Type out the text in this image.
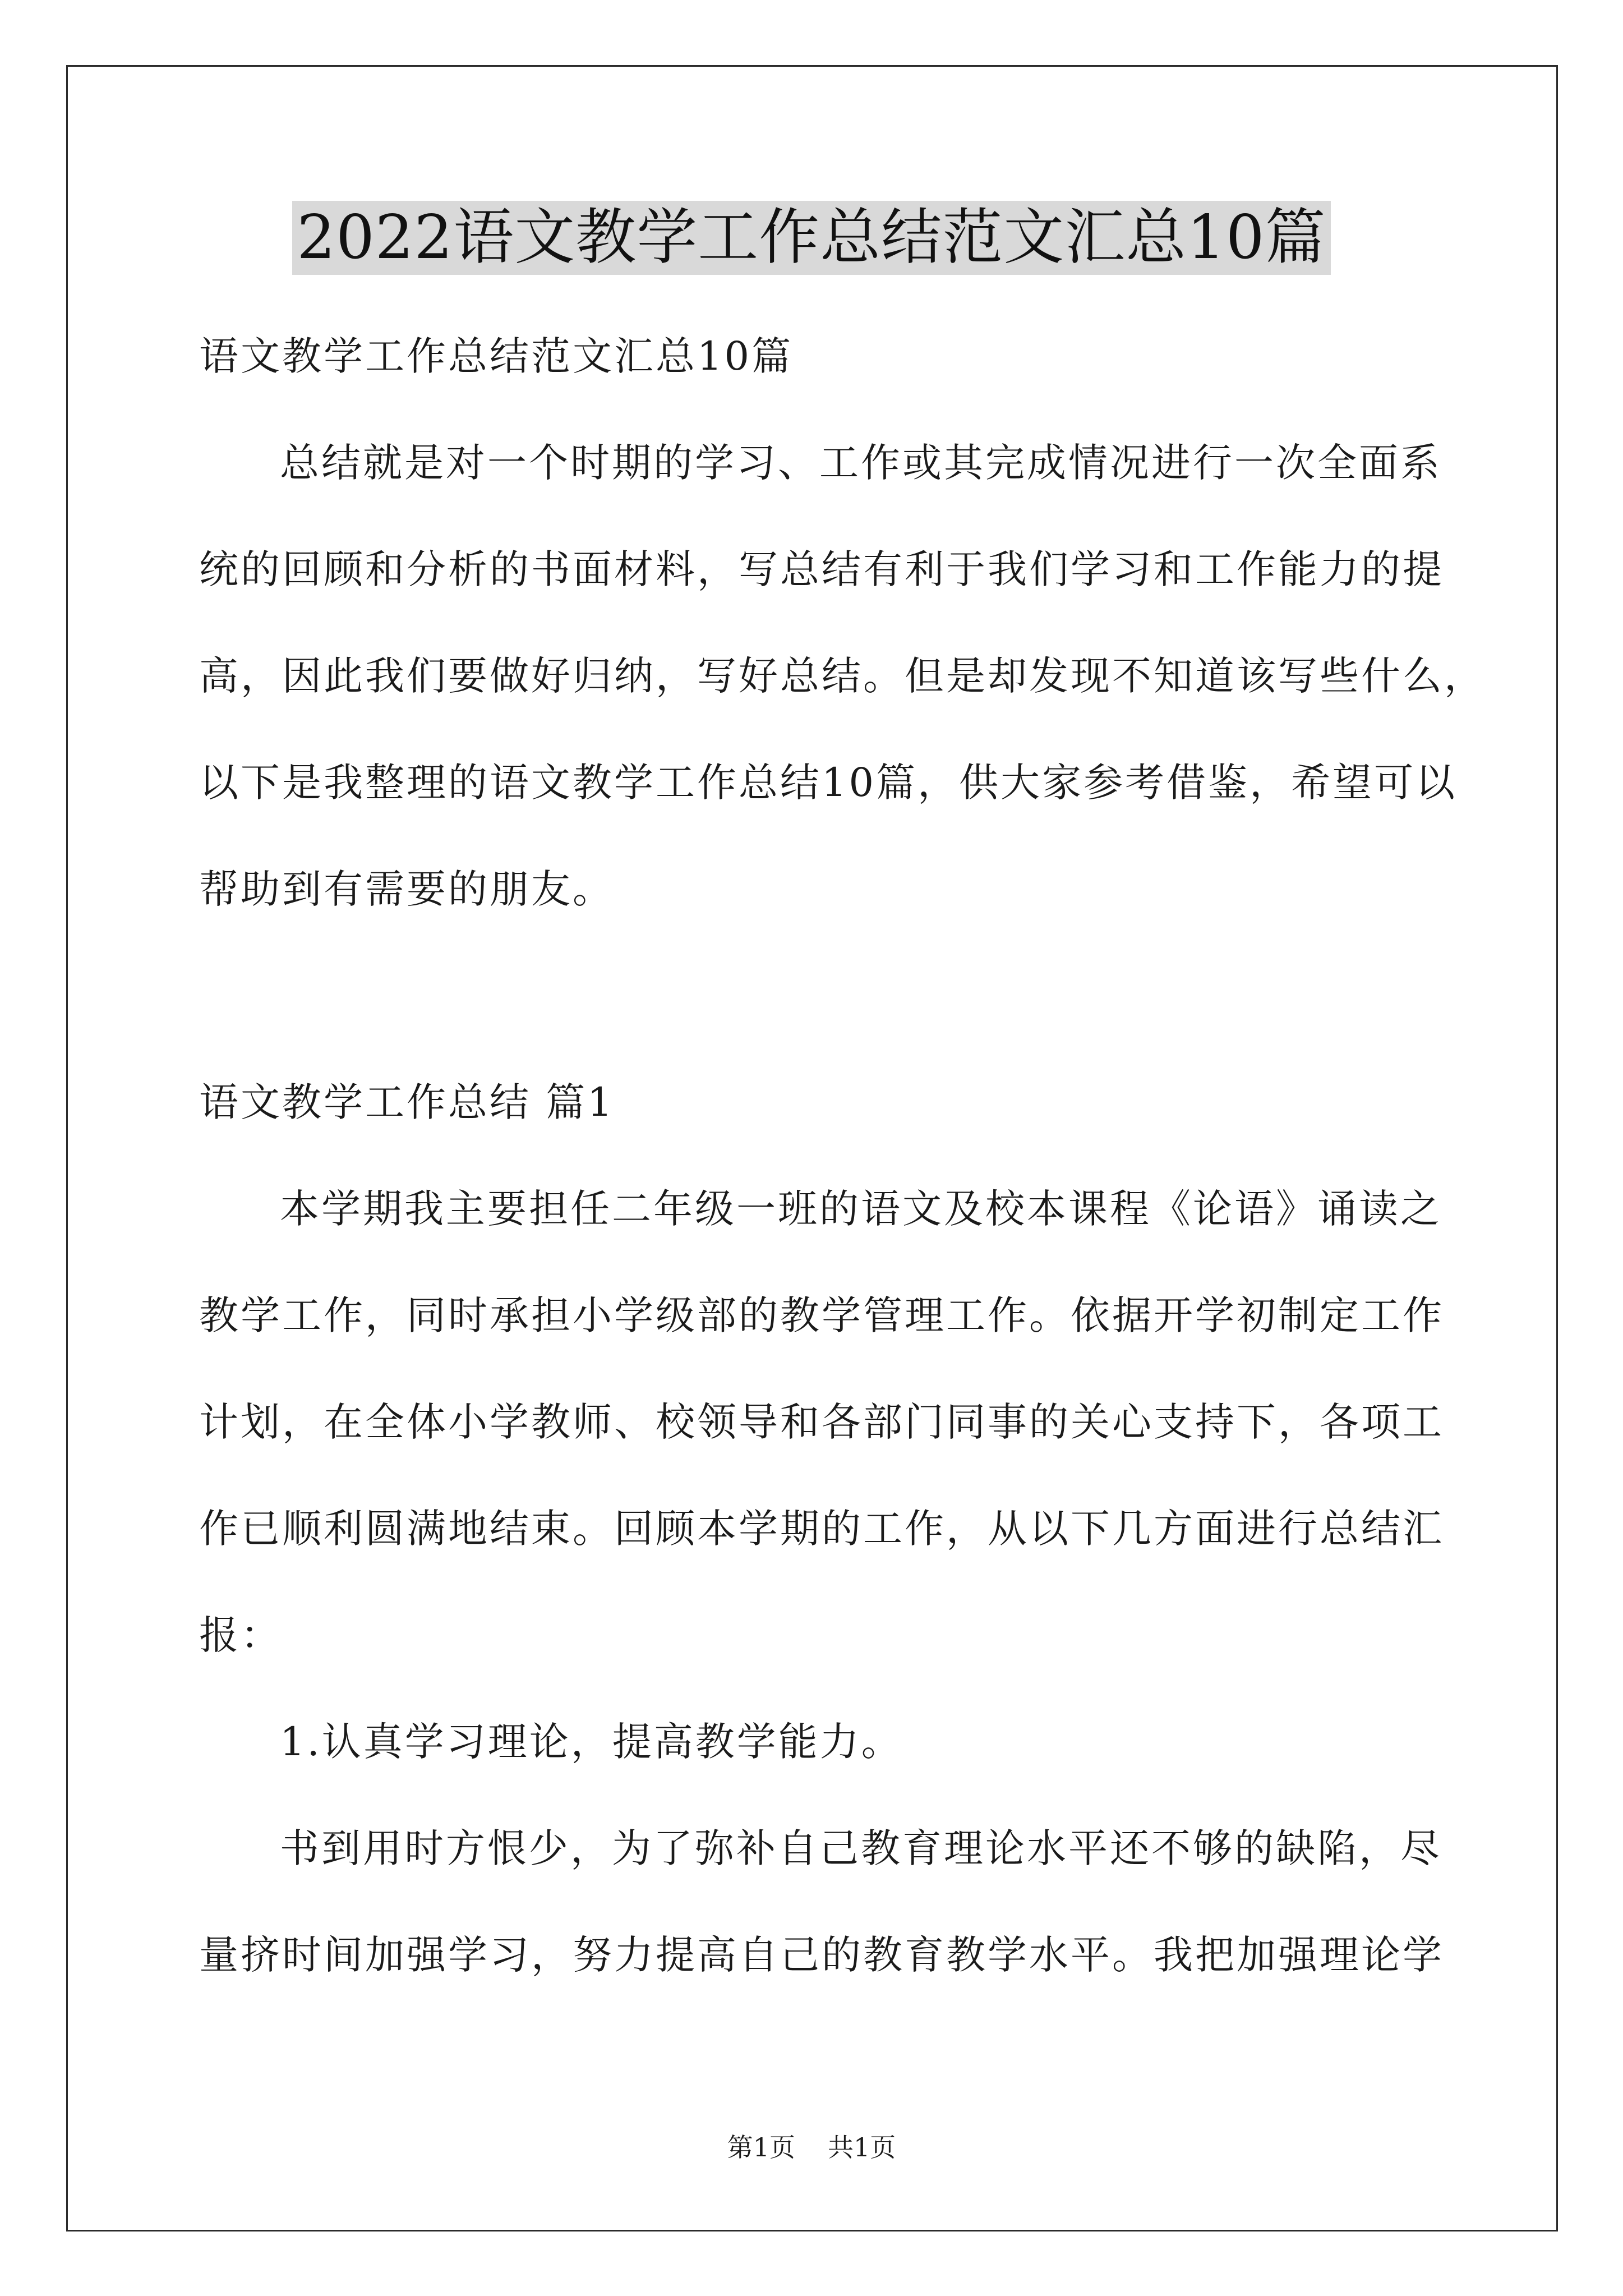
2022语文教学工作总结范文汇总10篇
语文教学工作总结范文汇总10篇
总结就是对一个时期的学习、工作或其完成情况进行一次全面系
统的回顾和分析的书面材料，写总结有利于我们学习和工作能力的提
高，因此我们要做好归纳，写好总结。但是却发现不知道该写些什么，
以下是我整理的语文教学工作总结10篇，供大家参考借鉴，希望可以
帮助到有需要的朋友。
语文教学工作总结 篇1
本学期我主要担任二年级一班的语文及校本课程《论语》诵读之
教学工作，同时承担小学级部的教学管理工作。依据开学初制定工作
计划，在全体小学教师、校领导和各部门同事的关心支持下，各项工
作已顺利圆满地结束。回顾本学期的工作，从以下几方面进行总结汇
报：
1.认真学习理论，提高教学能力。
书到用时方恨少，为了弥补自己教育理论水平还不够的缺陷，尽
量挤时间加强学习，努力提高自己的教育教学水平。我把加强理论学
第1页 共1页
